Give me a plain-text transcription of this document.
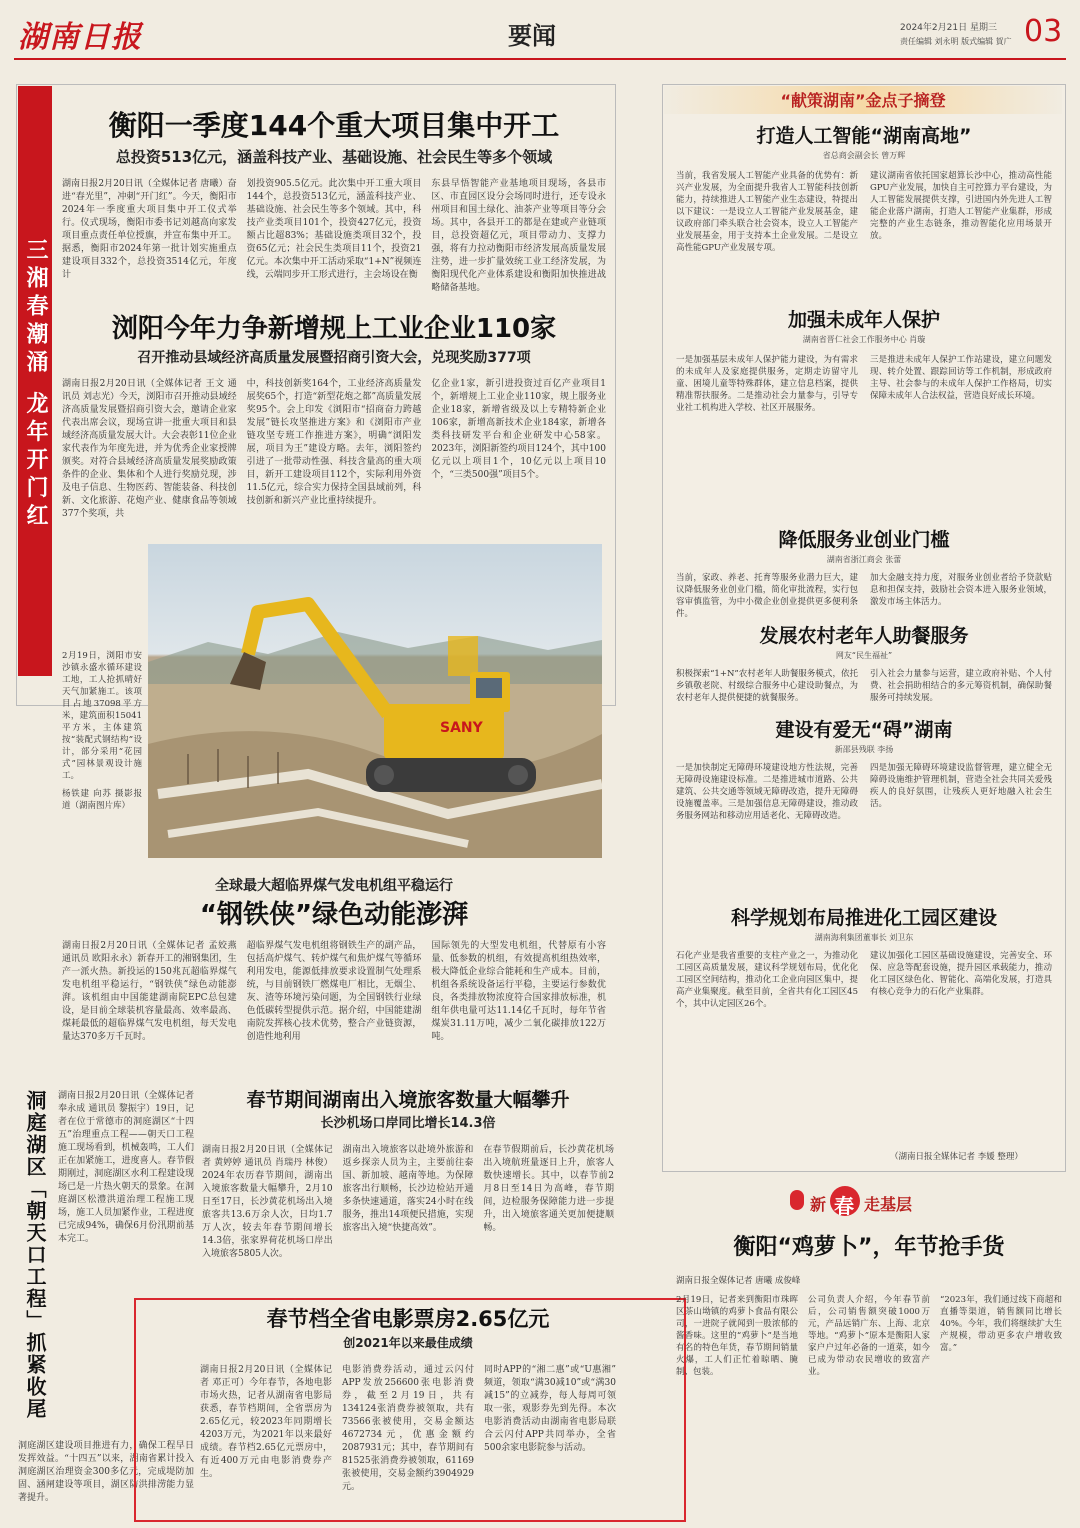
湖南日报	要闻	2024年2月21日 星期三
责任编辑 刘永明 版式编辑 賀广 03
三湘春潮涌 龙年开门红
衡阳一季度144个重大项目集中开工
总投资513亿元，涵盖科技产业、基础设施、社会民生等多个领域
湖南日报2月20日讯（全媒体记者 唐曦）奋进“春光里”，冲刺“开门红”。今天，衡阳市2024年一季度重大项目集中开工仪式举行。仪式现场，衡阳市委书记刘越高向家发项目重点责任单位授旗，并宣布集中开工。据悉，衡阳市2024年第一批计划实施重点建设项目332个，总投资3514亿元，年度计
划投资905.5亿元。此次集中开工重大项目144个，总投资513亿元，涵盖科技产业、基础设施、社会民生等多个领域。其中，科技产业类项目101个，投资427亿元，投资额占比超83%；基础设施类项目32个，投资65亿元；社会民生类项目11个，投资21亿元。本次集中开工活动采取“1+N”视频连线，云端同步开工形式进行，主会场设在衡
东县早悟智能产业基地项目现场，各县市区、市直园区设分会场同时进行，还专设永州项目和国土绿化、油茶产业等项目等分会场。其中，各县开工的都是在建或产业链项目，总投资超亿元，项目带动力、支撑力强，将有力拉动衡阳市经济发展高质量发展注势，进一步扩量效统工业工经济发展，为衡阳现代化产业体系建设和衡阳加快推进战略储备基地。
浏阳今年力争新增规上工业企业110家
召开推动县域经济高质量发展暨招商引资大会，兑现奖励377项
湖南日报2月20日讯（全媒体记者 王文 通讯员 刘志光）今天，浏阳市召开推动县域经济高质量发展暨招商引资大会，邀请企业家代表出席会议，现场宣讲一批重大项目和县域经济高质量发展大计。大会表彰11位企业家代表作为年度先进，并为优秀企业家授牌颁奖。对符合县域经济高质量发展奖励政策条件的企业、集体和个人进行奖励兑现，涉及电子信息、生物医药、智能装备、科技创新、文化旅游、花炮产业、健康食品等领域377个奖项，共
中，科技创新奖164个，工业经济高质量发展奖65个，打造“新型花炮之都”高质量发展奖95个。会上印发《浏阳市“招商奋力跨越发展”链长攻坚推进方案》和《浏阳市产业链攻坚专班工作推进方案》，明确“浏阳发展，项目为王”建设方略。去年，浏阳签约引进了一批带动性强、科技含量高的重大项目，新开工建设项目112个，实际利用外资11.5亿元，综合实力保持全国县域前列，科技创新和新兴产业比重持续提升。
亿企业1家，新引进投资过百亿产业项目1个，新增规上工业企业110家，规上服务业企业18家，新增省级及以上专精特新企业106家，新增高新技术企业184家，新增各类科技研发平台和企业研发中心58家。2023年，浏阳新签约项目124个，其中100亿元以上项目1个，10亿元以上项目10个，“三类500强”项目5个。
2月19日，浏阳市安沙镇永盛水循环建设工地，工人抢抓晴好天气加紧施工。该项目占地37098平方米，建筑面积15041平方米，主体建筑按“装配式钢结构”设计，部分采用“花园式”园林景观设计施工。
杨铁建 向苏 摄影报道（湖南图片库）
SANY
全球最大超临界煤气发电机组平稳运行
“钢铁侠”绿色动能澎湃
湖南日报2月20日讯（全媒体记者 孟姣燕 通讯员 欧阳永永）新春开工的湘钢集团，生产一派火热。新投运的150兆瓦超临界煤气发电机组平稳运行，“钢铁侠”绿色动能澎湃。该机组由中国能建湖南院EPC总包建设，是目前全球装机容量最高、效率最高、煤耗最低的超临界煤气发电机组，每天发电量达370多万千瓦时。
超临界煤气发电机组将钢铁生产的副产品，包括高炉煤气、转炉煤气和焦炉煤气等循环利用发电，能源低排放要求设置制气处理系统，与目前钢铁厂燃煤电厂相比，无烟尘、灰、渣等环境污染问题，为全国钢铁行业绿色低碳转型提供示范。据介绍，中国能建湖南院发挥核心技术优势，整合产业链资源，创造性地利用
国际领先的大型发电机组，代替原有小容量、低参数的机组，有效提高机组热效率，极大降低企业综合能耗和生产成本。目前，机组各系统设备运行平稳，主要运行参数优良，各类排放物浓度符合国家排放标准，机组年供电量可达11.14亿千瓦时，每年节省煤炭31.11万吨，减少二氧化碳排放122万吨。
洞庭湖区「朝天口工程」抓紧收尾	湖南日报2月20日讯（全媒体记者 奉永成 通讯员 黎振宇）19日，记者在位于常德市的洞庭湖区“十四五”治理重点工程——朝天口工程施工现场看到，机械轰鸣，工人们正在加紧施工，进度喜人。春节假期刚过，洞庭湖区水利工程建设现场已是一片热火朝天的景象。在洞庭湖区松澧洪道治理工程施工现场，施工人员加紧作业，工程进度已完成94%，确保6月份汛期前基本完工。
洞庭湖区建设项目推进有力，确保工程早日发挥效益。“十四五”以来，湖南省累计投入洞庭湖区治理资金300多亿元，完成堤防加固、涵闸建设等项目，湖区防洪排涝能力显著提升。
春节期间湖南出入境旅客数量大幅攀升
长沙机场口岸同比增长14.3倍
湖南日报2月20日讯（全媒体记者 黄婷婷 通讯员 肖瑞丹 林俊）2024年农历春节期间，湖南出入境旅客数量大幅攀升，2月10日至17日，长沙黄花机场出入境旅客共13.6万余人次，日均1.7万人次，较去年春节期间增长14.3倍，张家界荷花机场口岸出入境旅客5805人次。
湖南出入境旅客以赴境外旅游和返乡探亲人员为主，主要前往泰国、新加坡、越南等地。为保障旅客出行顺畅，长沙边检站开通多条快速通道，落实24小时在线服务，推出14项便民措施，实现旅客出入境“快捷高效”。
在春节假期前后，长沙黄花机场出入境航班量逐日上升，旅客人数快速增长。其中，以春节前2月8日至14日为高峰，春节期间，边检服务保障能力进一步提升，出入境旅客通关更加便捷顺畅。
春节档全省电影票房2.65亿元
创2021年以来最佳成绩
湖南日报2月20日讯（全媒体记者 邓正可）今年春节，各地电影市场火热，记者从湖南省电影局获悉，春节档期间，全省票房为2.65亿元，较2023年同期增长4203万元，为2021年以来最好成绩。春节档2.65亿元票房中，有近400万元由电影消费券产生。
电影消费券活动，通过云闪付APP发放256600张电影消费券，截至2月19日，共有134124张消费券被领取，共有73566张被使用，交易金额达4672734元，优惠金额约2087931元；其中，春节期间有81525张消费券被领取，61169张被使用，交易金额约3904929元。
同时APP的“湘二惠”或“U惠湘” 频道，领取“满30减10”或“满30减15”的立减券，每人每周可领取一张，观影券先到先得。本次电影消费活动由湖南省电影局联合云闪付APP共同举办，全省500余家电影院参与活动。
“献策湖南”金点子摘登
打造人工智能“湖南高地”
省总商会副会长 曾万辉
当前，我省发展人工智能产业具备的优势有：新兴产业发展，为全面提升我省人工智能科技创新能力，持续推进人工智能产业生态建设，特提出以下建议：一是设立人工智能产业发展基金，建议政府部门牵头联合社会资本，设立人工智能产业发展基金，用于支持本土企业发展。二是设立高性能GPU产业发展专项。
建议湖南省依托国家超算长沙中心，推动高性能GPU产业发展，加快自主可控算力平台建设，为人工智能发展提供支撑，引进国内外先进人工智能企业落户湖南，打造人工智能产业集群，形成完整的产业生态链条，推动智能化应用场景开放。
加强未成年人保护
湖南省晋仁社会工作服务中心 肖璇
一是加强基层未成年人保护能力建设，为有需求的未成年人及家庭提供服务，定期走访留守儿童、困境儿童等特殊群体，建立信息档案，提供精准帮扶服务。二是推动社会力量参与，引导专业社工机构进入学校、社区开展服务。
三是推进未成年人保护工作站建设，建立问题发现、转介处置、跟踪回访等工作机制，形成政府主导、社会参与的未成年人保护工作格局，切实保障未成年人合法权益，营造良好成长环境。
降低服务业创业门槛
湖南省浙江商会 张蕾
当前，家政、养老、托育等服务业潜力巨大，建议降低服务业创业门槛，简化审批流程，实行包容审慎监管，为中小微企业创业提供更多便利条件。
加大金融支持力度，对服务业创业者给予贷款贴息和担保支持，鼓励社会资本进入服务业领域，激发市场主体活力。
发展农村老年人助餐服务
网友“民生福祉”
积极探索“1+N”农村老年人助餐服务模式，依托乡镇敬老院、村级综合服务中心建设助餐点，为农村老年人提供便捷的就餐服务。
引入社会力量参与运营，建立政府补贴、个人付费、社会捐助相结合的多元筹资机制，确保助餐服务可持续发展。
建设有爱无“碍”湖南
新邵县残联 李扬
一是加快制定无障碍环境建设地方性法规，完善无障碍设施建设标准。二是推进城市道路、公共建筑、公共交通等领域无障碍改造，提升无障碍设施覆盖率。三是加强信息无障碍建设，推动政务服务网站和移动应用适老化、无障碍改造。
四是加强无障碍环境建设监督管理，建立健全无障碍设施维护管理机制，营造全社会共同关爱残疾人的良好氛围，让残疾人更好地融入社会生活。
科学规划布局推进化工园区建设
湖南海利集团董事长 刘卫东
石化产业是我省重要的支柱产业之一，为推动化工园区高质量发展，建议科学规划布局，优化化工园区空间结构，推动化工企业向园区集中，提高产业集聚度。截至目前，全省共有化工园区45个，其中认定园区26个。
建议加强化工园区基础设施建设，完善安全、环保、应急等配套设施，提升园区承载能力，推动化工园区绿色化、智能化、高端化发展，打造具有核心竞争力的石化产业集群。
（湖南日报全媒体记者 李媛 整理）
新 春 走基层
衡阳“鸡萝卜”，年节抢手货
湖南日报全媒体记者 唐曦 成俊峰
2月19日，记者来到衡阳市珠晖区茶山坳镇的鸡萝卜食品有限公司，一进院子就闻到一股浓郁的酱香味。这里的“鸡萝卜”是当地有名的特色年货，春节期间销量火爆，工人们正忙着晾晒、腌制、包装。
公司负责人介绍，今年春节前后，公司销售额突破1000万元，产品远销广东、上海、北京等地。“鸡萝卜”原本是衡阳人家家户户过年必备的一道菜，如今已成为带动农民增收的致富产业。
“2023年，我们通过线下商超和直播等渠道，销售额同比增长40%。今年，我们将继续扩大生产规模，带动更多农户增收致富。”
